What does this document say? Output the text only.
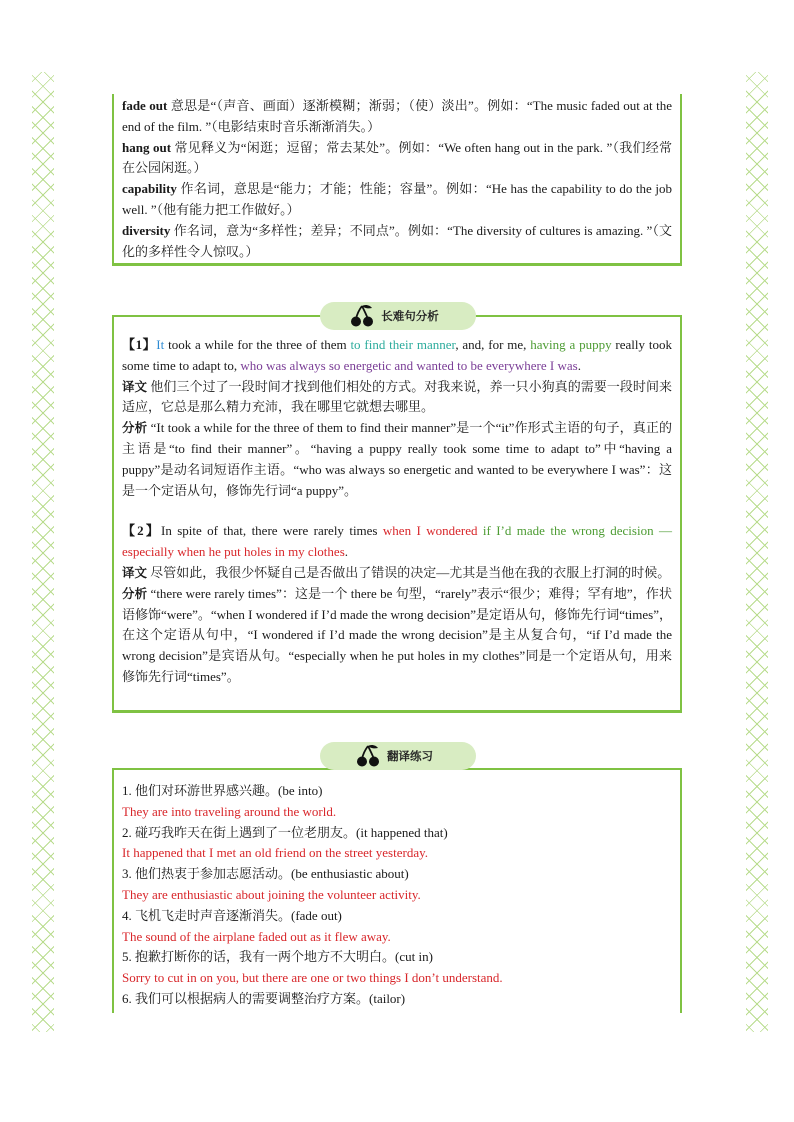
fade out 意思是“（声音、画面）逐渐模糊；渐弱；（使）淡出”。例如：“The music faded out at the end of the film. ”（电影结束时音乐渐渐消失。）

hang out 常见释义为“闲逛；逗留；常去某处”。例如：“We often hang out in the park. ”（我们经常在公园闲逛。）

capability 作名词，意思是“能力；才能；性能；容量”。例如：“He has the capability to do the job well. ”（他有能力把工作做好。）

diversity 作名词，意为“多样性；差异；不同点”。例如：“The diversity of cultures is amazing. ”（文化的多样性令人惊叹。）

【1】It took a while for the three of them to find their manner, and, for me, having a puppy really took some time to adapt to, who was always so energetic and wanted to be everywhere I was.

译文 他们三个过了一段时间才找到他们相处的方式。对我来说，养一只小狗真的需要一段时间来适应，它总是那么精力充沛，我在哪里它就想去哪里。

分析 “It took a while for the three of them to find their manner”是一个“it”作形式主语的句子，真正的主语是“to find their manner”。“having a puppy really took some time to adapt to”中“having a puppy”是动名词短语作主语。“who was always so energetic and wanted to be everywhere I was”：这是一个定语从句，修饰先行词“a puppy”。

【2】In spite of that, there were rarely times when I wondered if I’d made the wrong decision — especially when he put holes in my clothes.

译文 尽管如此，我很少怀疑自己是否做出了错误的决定—尤其是当他在我的衣服上打洞的时候。

分析 “there were rarely times”：这是一个 there be 句型，“rarely”表示“很少；难得；罕有地”，作状语修饰“were”。“when I wondered if I’d made the wrong decision”是定语从句，修饰先行词“times”，在这个定语从句中，“I wondered if I’d made the wrong decision”是主从复合句，“if I’d made the wrong decision”是宾语从句。“especially when he put holes in my clothes”同是一个定语从句，用来修饰先行词“times”。

长难句分析

1. 他们对环游世界感兴趣。(be into)

They are into traveling around the world.

2. 碰巧我昨天在街上遇到了一位老朋友。(it happened that)

It happened that I met an old friend on the street yesterday.

3. 他们热衷于参加志愿活动。(be enthusiastic about)

They are enthusiastic about joining the volunteer activity.

4. 飞机飞走时声音逐渐消失。(fade out)

The sound of the airplane faded out as it flew away.

5. 抱歉打断你的话，我有一两个地方不大明白。(cut in)

Sorry to cut in on you, but there are one or two things I don’t understand.

6. 我们可以根据病人的需要调整治疗方案。(tailor)

翻译练习
